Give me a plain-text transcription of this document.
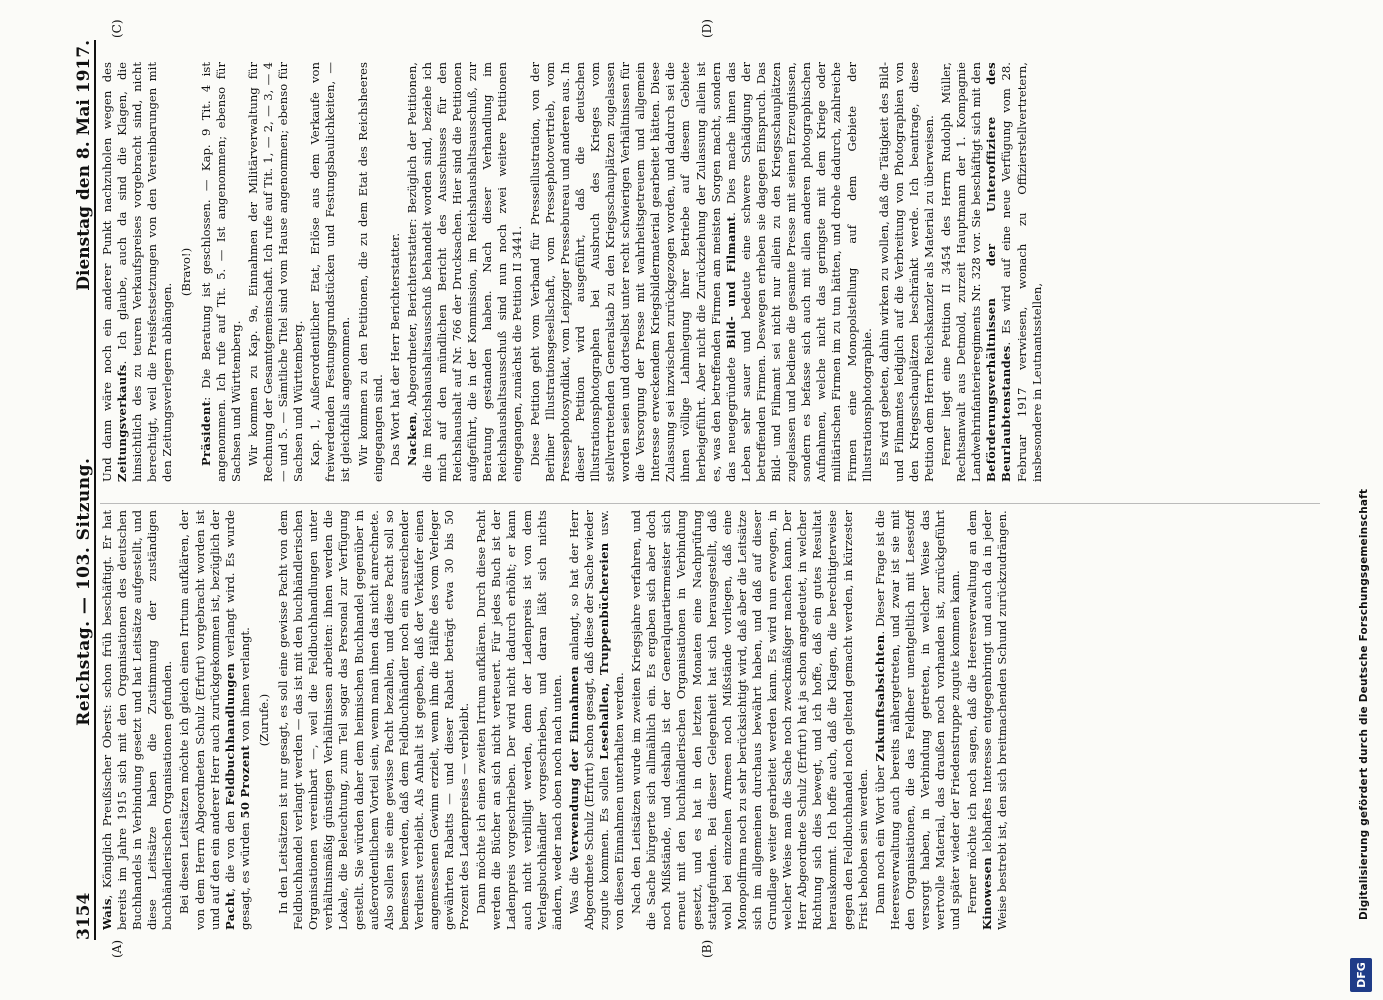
3154
Reichstag. — 103. Sitzung.
Dienstag den 8. Mai 1917.
(A)	(B)
(C)	(D)

Wais, Königlich Preußischer Oberst: schon früh beschäftigt. Er hat bereits im Jahre 1915 sich mit den Organisationen des deutschen Buchhandels in Verbindung gesetzt und hat Leitsätze aufgestellt, und diese Leitsätze haben die Zustimmung der zuständigen buchhändlerischen Organisationen gefunden. Bei diesen Leitsätzen möchte ich gleich einen Irrtum aufklären, der von dem Herrn Abgeordneten Schulz (Erfurt) vorgebracht worden ist und auf den ein anderer Herr auch zurückgekommen ist, bezüglich der Pacht, die von den Feldbuchhandlungen verlangt wird. Es wurde gesagt, es würden 50 Prozent von ihnen verlangt. (Zurufe.) In den Leitsätzen ist nur gesagt, es soll eine gewisse Pacht von dem Feldbuchhandel verlangt werden — das ist mit den buchhändlerischen Organisationen vereinbart —, weil die Feldbuchhandlungen unter verhältnismäßig günstigen Verhältnissen arbeiten: ihnen werden die Lokale, die Beleuchtung, zum Teil sogar das Personal zur Verfügung gestellt. Sie würden daher dem heimischen Buchhandel gegenüber in außerordentlichem Vorteil sein, wenn man ihnen das nicht anrechnete. Also sollen sie eine gewisse Pacht bezahlen, und diese Pacht soll so bemessen werden, daß dem Feldbuchhändler noch ein ausreichender Verdienst verbleibt. Als Anhalt ist gegeben, daß der Verkäufer einen angemessenen Gewinn erzielt, wenn ihm die Hälfte des vom Verleger gewährten Rabatts — und dieser Rabatt beträgt etwa 30 bis 50 Prozent des Ladenpreises — verbleibt. Dann möchte ich einen zweiten Irrtum aufklären. Durch diese Pacht werden die Bücher an sich nicht verteuert. Für jedes Buch ist der Ladenpreis vorgeschrieben. Der wird nicht dadurch erhöht; er kann auch nicht verbilligt werden, denn der Ladenpreis ist von dem Verlagsbuchhändler vorgeschrieben, und daran läßt sich nichts ändern, weder nach oben noch nach unten. Was die Verwendung der Einnahmen anlangt, so hat der Herr Abgeordnete Schulz (Erfurt) schon gesagt, daß diese der Sache wieder zugute kommen. Es sollen Lesehallen, Truppenbüchereien usw. von diesen Einnahmen unterhalten werden. Nach den Leitsätzen wurde im zweiten Kriegsjahre verfahren, und die Sache bürgerte sich allmählich ein. Es ergaben sich aber doch noch Mißstände, und deshalb ist der Generalquartiermeister sich erneut mit den buchhändlerischen Organisationen in Verbindung gesetzt, und es hat in den letzten Monaten eine Nachprüfung stattgefunden. Bei dieser Gelegenheit hat sich herausgestellt, daß wohl bei einzelnen Armeen noch Mißstände vorliegen, daß eine Monopolfirma noch zu sehr berücksichtigt wird, daß aber die Leitsätze sich im allgemeinen durchaus bewährt haben, und daß auf dieser Grundlage weiter gearbeitet werden kann. Es wird nun erwogen, in welcher Weise man die Sache noch zweckmäßiger machen kann. Der Herr Abgeordnete Schulz (Erfurt) hat ja schon angedeutet, in welcher Richtung sich dies bewegt, und ich hoffe, daß ein gutes Resultat herauskommt. Ich hoffe auch, daß die Klagen, die berechtigterweise gegen den Feldbuchhandel noch geltend gemacht werden, in kürzester Frist behoben sein werden. Dann noch ein Wort über Zukunftsabsichten. Dieser Frage ist die Heeresverwaltung auch bereits nähergetreten, und zwar ist sie mit den Organisationen, die das Feldheer unentgeltlich mit Lesestoff versorgt haben, in Verbindung getreten, in welcher Weise das wertvolle Material, das draußen noch vorhanden ist, zurückgeführt und später wieder der Friedenstruppe zugute kommen kann. Ferner möchte ich noch sagen, daß die Heeresverwaltung an dem Kinowesen lebhaftes Interesse entgegenbringt und auch da in jeder Weise bestrebt ist, den sich breitmachenden Schund zurückzudrängen.

Und dann wäre noch ein anderer Punkt nachzuholen wegen des Zeitungsverkaufs. Ich glaube, auch da sind die Klagen, die hinsichtlich des zu teuren Verkaufspreises vorgebracht sind, nicht berechtigt, weil die Preisfestsetzungen von den Vereinbarungen mit den Zeitungsverlegern abhängen.

(Bravo!)

Präsident: Die Beratung ist geschlossen. — Kap. 9 Tit. 4 ist angenommen. Ich rufe auf Tit. 5. — Ist angenommen; ebenso für Sachsen und Württemberg. Wir kommen zu Kap. 9a, Einnahmen der Militärverwaltung für Rechnung der Gesamtgemeinschaft. Ich rufe auf Tit. 1, — 2, — 3, — 4 — und 5. — Sämtliche Titel sind vom Hause angenommen; ebenso für Sachsen und Württemberg. Kap. 1, Außerordentlicher Etat, Erlöse aus dem Verkaufe von freiwerdenden Festungsgrundstücken und Festungsbaulichkeiten, — ist gleichfalls angenommen. Wir kommen zu den Petitionen, die zu dem Etat des Reichsheeres eingegangen sind. Das Wort hat der Herr Berichterstatter. Nacken, Abgeordneter, Berichterstatter: Bezüglich der Petitionen, die im Reichshaushaltsausschuß behandelt worden sind, beziehe ich mich auf den mündlichen Bericht des Ausschusses für den Reichshaushalt auf Nr. 766 der Drucksachen. Hier sind die Petitionen aufgeführt, die in der Kommission, im Reichshaushaltsausschuß, zur Beratung gestanden haben. Nach dieser Verhandlung im Reichshaushaltsausschuß sind nun noch zwei weitere Petitionen eingegangen, zunächst die Petition II 3441. Diese Petition geht vom Verband für Presseillustration, von der Berliner Illustrationsgesellschaft, vom Pressephotovertrieb, vom Pressephotosyndikat, vom Leipziger Pressebureau und anderen aus. In dieser Petition wird ausgeführt, daß die deutschen Illustrationsphotographen bei Ausbruch des Krieges vom stellvertretenden Generalstab zu den Kriegsschauplätzen zugelassen worden seien und dortselbst unter recht schwierigen Verhältnissen für die Versorgung der Presse mit wahrheitsgetreuem und allgemein Interesse erweckendem Kriegsbildermaterial gearbeitet hätten. Diese Zulassung sei inzwischen zurückgezogen worden, und dadurch sei die ihnen völlige Lahmlegung ihrer Betriebe auf diesem Gebiete herbeigeführt. Aber nicht die Zurückziehung der Zulassung allein ist es, was den betreffenden Firmen am meisten Sorgen macht, sondern das neuegegründete Bild- und Filmamt. Dies mache ihnen das Leben sehr sauer und bedeute eine schwere Schädigung der betreffenden Firmen. Deswegen erheben sie dagegen Einspruch. Das Bild- und Filmamt sei nicht nur allein zu den Kriegsschauplätzen zugelassen und bediene die gesamte Presse mit seinen Erzeugnissen, sondern es befasse sich auch mit allen anderen photographischen Aufnahmen, welche nicht das geringste mit dem Kriege oder militärischen Firmen im zu tun hätten, und drohe dadurch, zahlreiche Firmen eine Monopolstellung auf dem Gebiete der Illustrationsphotographie. Es wird gebeten, dahin wirken zu wollen, daß die Tätigkeit des Bild- und Filmamtes lediglich auf die Verbreitung von Photographien von den Kriegsschauplätzen beschränkt werde. Ich beantrage, diese Petition dem Herrn Reichskanzler als Material zu überweisen. Ferner liegt eine Petition II 3454 des Herrn Rudolph Müller, Rechtsanwalt aus Detmold, zurzeit Hauptmann der 1. Kompagnie Landwehrinfanterieregiments Nr. 328 vor. Sie beschäftigt sich mit den Beförderungsverhältnissen der Unteroffiziere des Beurlaubtenstandes. Es wird auf eine neue Verfügung vom 28. Februar 1917 verwiesen, wonach zu Offizierstellvertretern, insbesondere in Leutnantsstellen,

DFG
Digitalisierung gefördert durch die Deutsche Forschungsgemeinschaft
